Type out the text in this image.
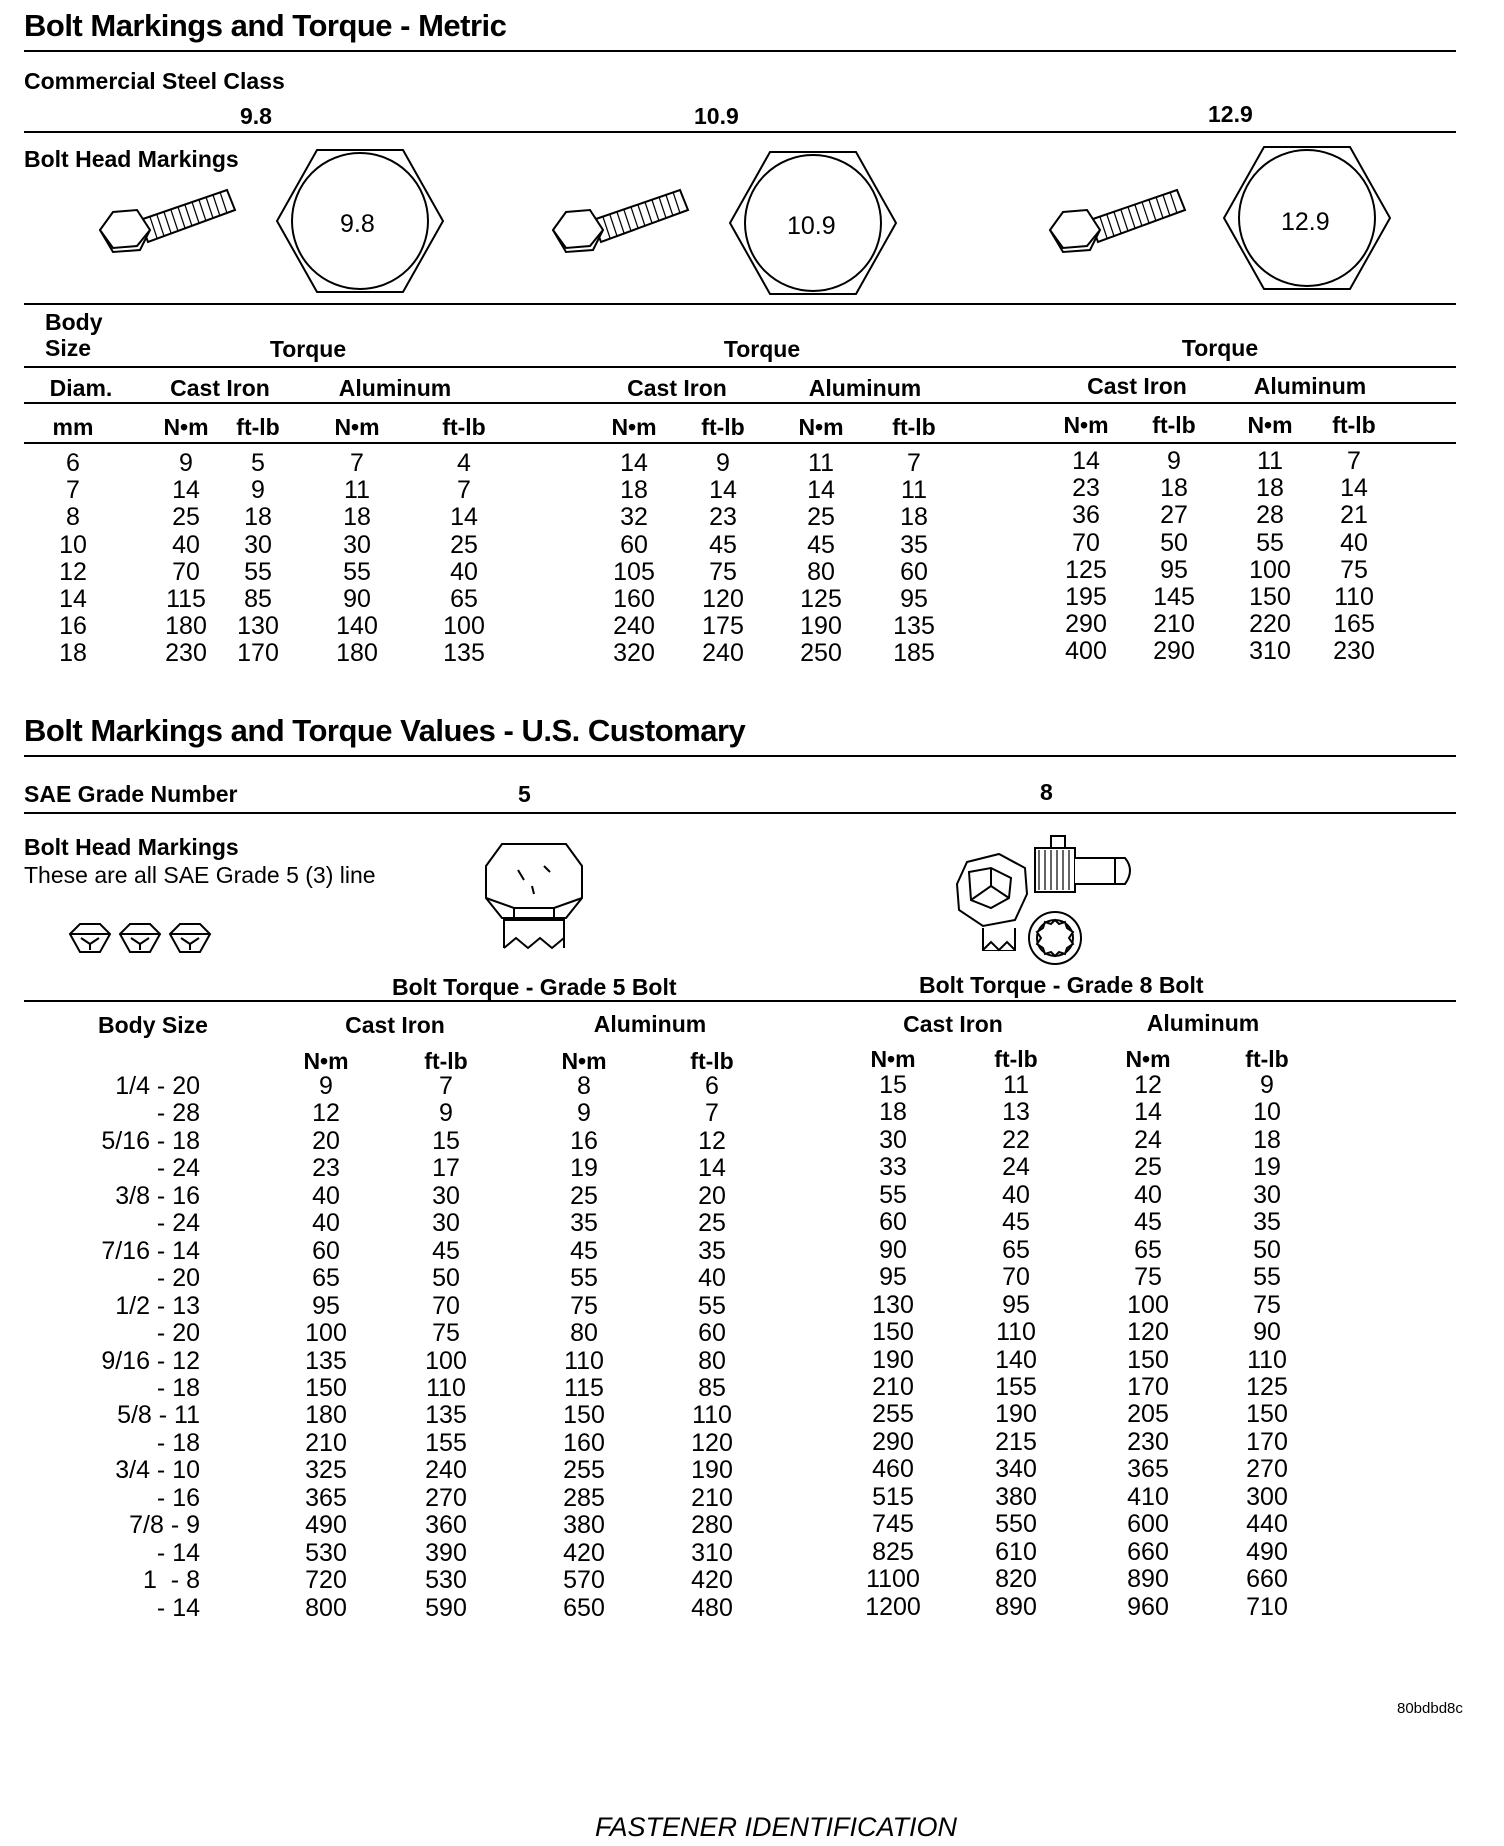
Bolt Markings and Torque - Metric
Commercial Steel Class
9.8	10.9	12.9
Bolt Head Markings
9.8	10.9	12.9
Body
Size	Torque	Torque	Torque
Diam.	Cast Iron	Aluminum	Cast Iron	Aluminum	Cast Iron	Aluminum
mm	N•m	ft-lb	N•m	ft-lb	N•m	ft-lb	N•m	ft-lb	N•m	ft-lb	N•m	ft-lb
6	9	5	7	4	14	9	11	7	14	9	11	7
7	14	9	11	7	18	14	14	11	23	18	18	14
8	25	18	18	14	32	23	25	18	36	27	28	21
10	40	30	30	25	60	45	45	35	70	50	55	40
12	70	55	55	40	105	75	80	60	125	95	100	75
14	115	85	90	65	160	120	125	95	195	145	150	110
16	180	130	140	100	240	175	190	135	290	210	220	165
18	230	170	180	135	320	240	250	185	400	290	310	230
Bolt Markings and Torque Values - U.S. Customary
SAE Grade Number	5	8
Bolt Head Markings
These are all SAE Grade 5 (3) line
Bolt Torque - Grade 5 Bolt	Bolt Torque - Grade 8 Bolt
Body Size	Cast Iron	Aluminum	Cast Iron	Aluminum
N•m	ft-lb	N•m	ft-lb	N•m	ft-lb	N•m	ft-lb
1/4 - 20	9	7	8	6	15	11	12	9
- 28	12	9	9	7	18	13	14	10
5/16 - 18	20	15	16	12	30	22	24	18
- 24	23	17	19	14	33	24	25	19
3/8 - 16	40	30	25	20	55	40	40	30
- 24	40	30	35	25	60	45	45	35
7/16 - 14	60	45	45	35	90	65	65	50
- 20	65	50	55	40	95	70	75	55
1/2 - 13	95	70	75	55	130	95	100	75
- 20	100	75	80	60	150	110	120	90
9/16 - 12	135	100	110	80	190	140	150	110
- 18	150	110	115	85	210	155	170	125
5/8 - 11	180	135	150	110	255	190	205	150
- 18	210	155	160	120	290	215	230	170
3/4 - 10	325	240	255	190	460	340	365	270
- 16	365	270	285	210	515	380	410	300
7/8 - 9	490	360	380	280	745	550	600	440
- 14	530	390	420	310	825	610	660	490
1  - 8	720	530	570	420	1100	820	890	660
- 14	800	590	650	480	1200	890	960	710
80bdbd8c
FASTENER IDENTIFICATION
